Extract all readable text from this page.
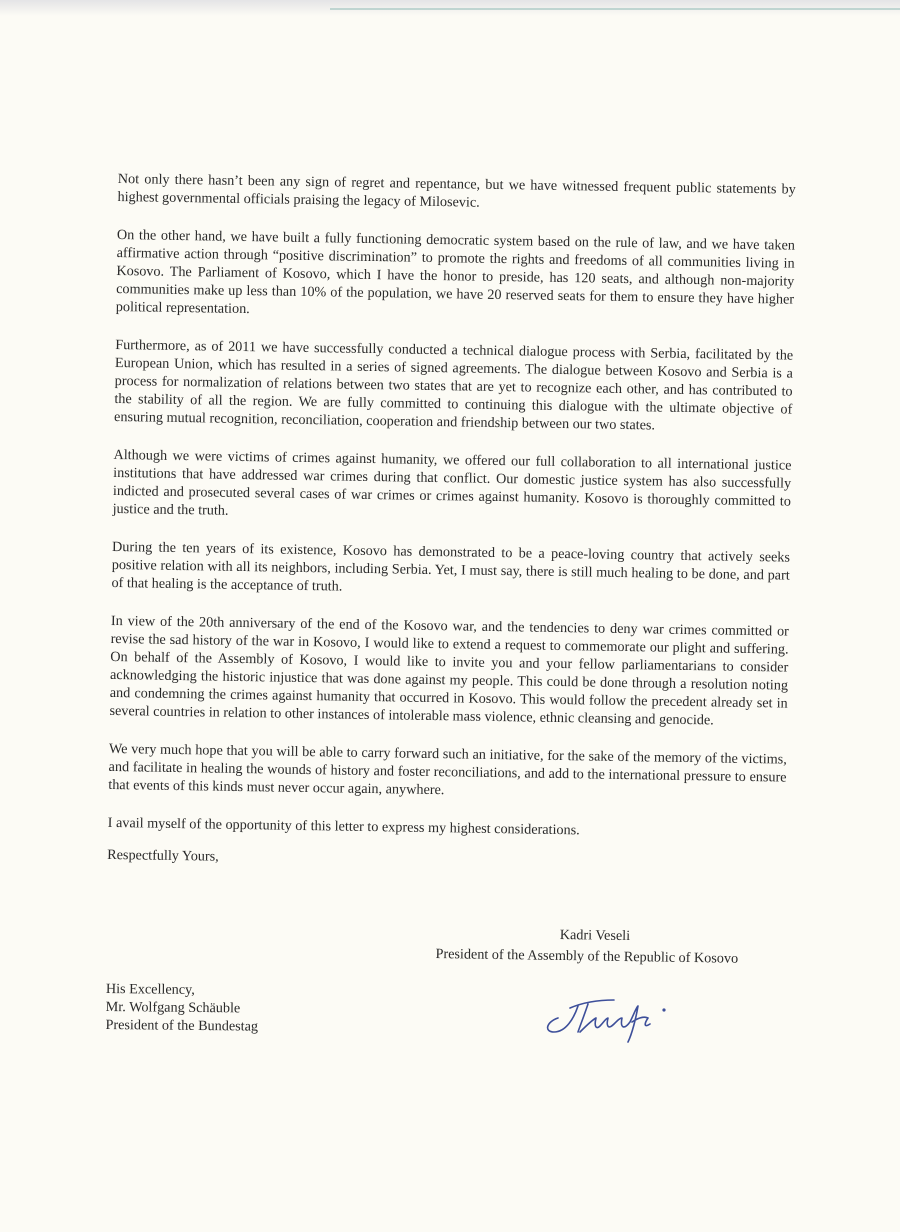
Not only there hasn’t been any sign of regret and repentance, but we have witnessed frequent public statements by highest governmental officials praising the legacy of Milosevic.

On the other hand, we have built a fully functioning democratic system based on the rule of law, and we have taken affirmative action through “positive discrimination” to promote the rights and freedoms of all communities living in Kosovo. The Parliament of Kosovo, which I have the honor to preside, has 120 seats, and although non-majority communities make up less than 10% of the population, we have 20 reserved seats for them to ensure they have higher political representation.

Furthermore, as of 2011 we have successfully conducted a technical dialogue process with Serbia, facilitated by the European Union, which has resulted in a series of signed agreements. The dialogue between Kosovo and Serbia is a process for normalization of relations between two states that are yet to recognize each other, and has contributed to the stability of all the region. We are fully committed to continuing this dialogue with the ultimate objective of ensuring mutual recognition, reconciliation, cooperation and friendship between our two states.

Although we were victims of crimes against humanity, we offered our full collaboration to all international justice institutions that have addressed war crimes during that conflict. Our domestic justice system has also successfully indicted and prosecuted several cases of war crimes or crimes against humanity. Kosovo is thoroughly committed to justice and the truth.

During the ten years of its existence, Kosovo has demonstrated to be a peace-loving country that actively seeks positive relation with all its neighbors, including Serbia. Yet, I must say, there is still much healing to be done, and part of that healing is the acceptance of truth.

In view of the 20th anniversary of the end of the Kosovo war, and the tendencies to deny war crimes committed or revise the sad history of the war in Kosovo, I would like to extend a request to commemorate our plight and suffering. On behalf of the Assembly of Kosovo, I would like to invite you and your fellow parliamentarians to consider acknowledging the historic injustice that was done against my people. This could be done through a resolution noting and condemning the crimes against humanity that occurred in Kosovo. This would follow the precedent already set in several countries in relation to other instances of intolerable mass violence, ethnic cleansing and genocide.

We very much hope that you will be able to carry forward such an initiative, for the sake of the memory of the victims, and facilitate in healing the wounds of history and foster reconciliations, and add to the international pressure to ensure that events of this kinds must never occur again, anywhere.

I avail myself of the opportunity of this letter to express my highest considerations.

Respectfully Yours,

Kadri Veseli
President of the Assembly of the Republic of Kosovo
His Excellency,
Mr. Wolfgang Schäuble
President of the Bundestag
